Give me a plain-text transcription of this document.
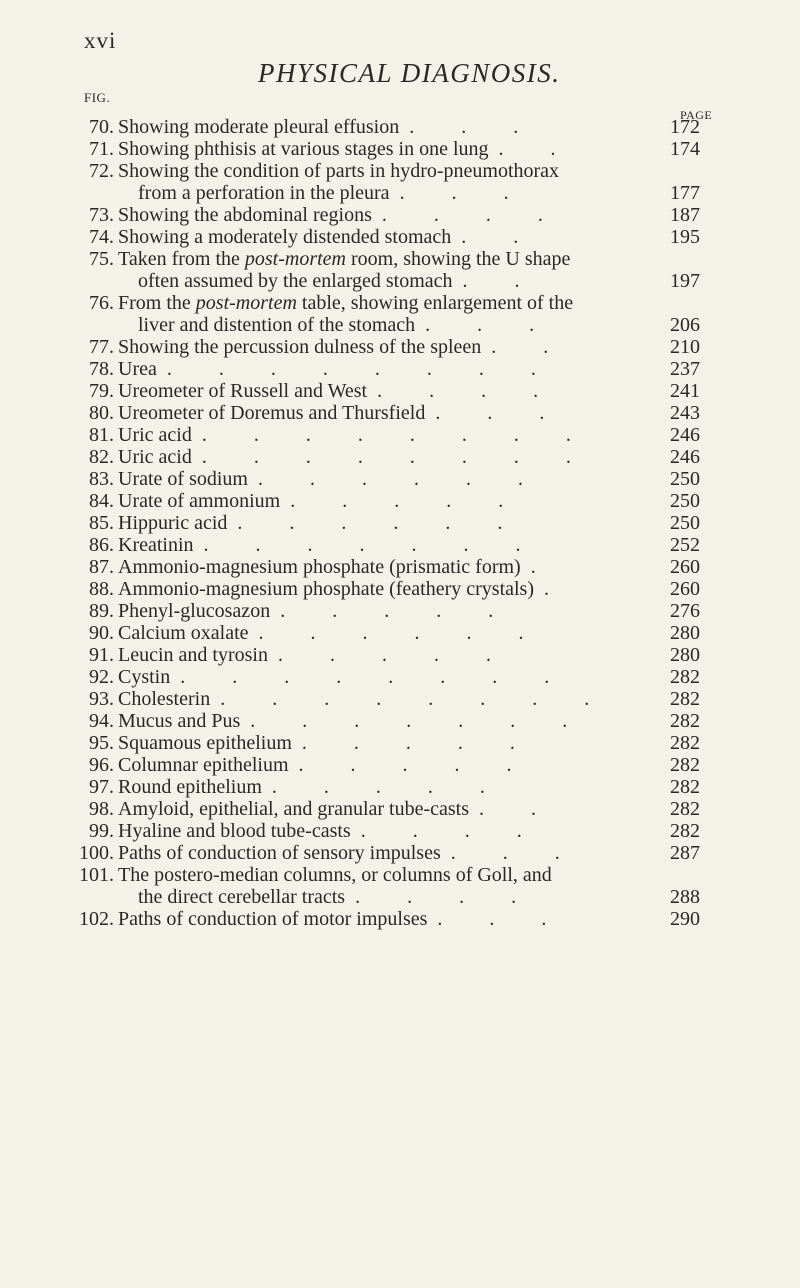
xvi
PHYSICAL DIAGNOSIS.
FIG.
PAGE
70. Showing moderate pleural effusion . . .	172
71. Showing phthisis at various stages in one lung . .	174
72. Showing the condition of parts in hydro-pneumothorax
from a perforation in the pleura . . .	177
73. Showing the abdominal regions . . . .	187
74. Showing a moderately distended stomach . .	195
75. Taken from the post-mortem room, showing the U shape
often assumed by the enlarged stomach . .	197
76. From the post-mortem table, showing enlargement of the
liver and distention of the stomach . . .	206
77. Showing the percussion dulness of the spleen . .	210
78. Urea . . . . . . . .	237
79. Ureometer of Russell and West . . . .	241
80. Ureometer of Doremus and Thursfield . . .	243
81. Uric acid . . . . . . . .	246
82. Uric acid . . . . . . . .	246
83. Urate of sodium . . . . . .	250
84. Urate of ammonium . . . . .	250
85. Hippuric acid . . . . . .	250
86. Kreatinin . . . . . . .	252
87. Ammonio-magnesium phosphate (prismatic form) .	260
88. Ammonio-magnesium phosphate (feathery crystals) .	260
89. Phenyl-glucosazon . . . . .	276
90. Calcium oxalate . . . . . .	280
91. Leucin and tyrosin . . . . .	280
92. Cystin . . . . . . . .	282
93. Cholesterin . . . . . . . .	282
94. Mucus and Pus . . . . . . .	282
95. Squamous epithelium . . . . .	282
96. Columnar epithelium . . . . .	282
97. Round epithelium . . . . .	282
98. Amyloid, epithelial, and granular tube-casts . .	282
99. Hyaline and blood tube-casts . . . .	282
100. Paths of conduction of sensory impulses . . .	287
101. The postero-median columns, or columns of Goll, and
the direct cerebellar tracts . . . .	288
102. Paths of conduction of motor impulses . . .	290
